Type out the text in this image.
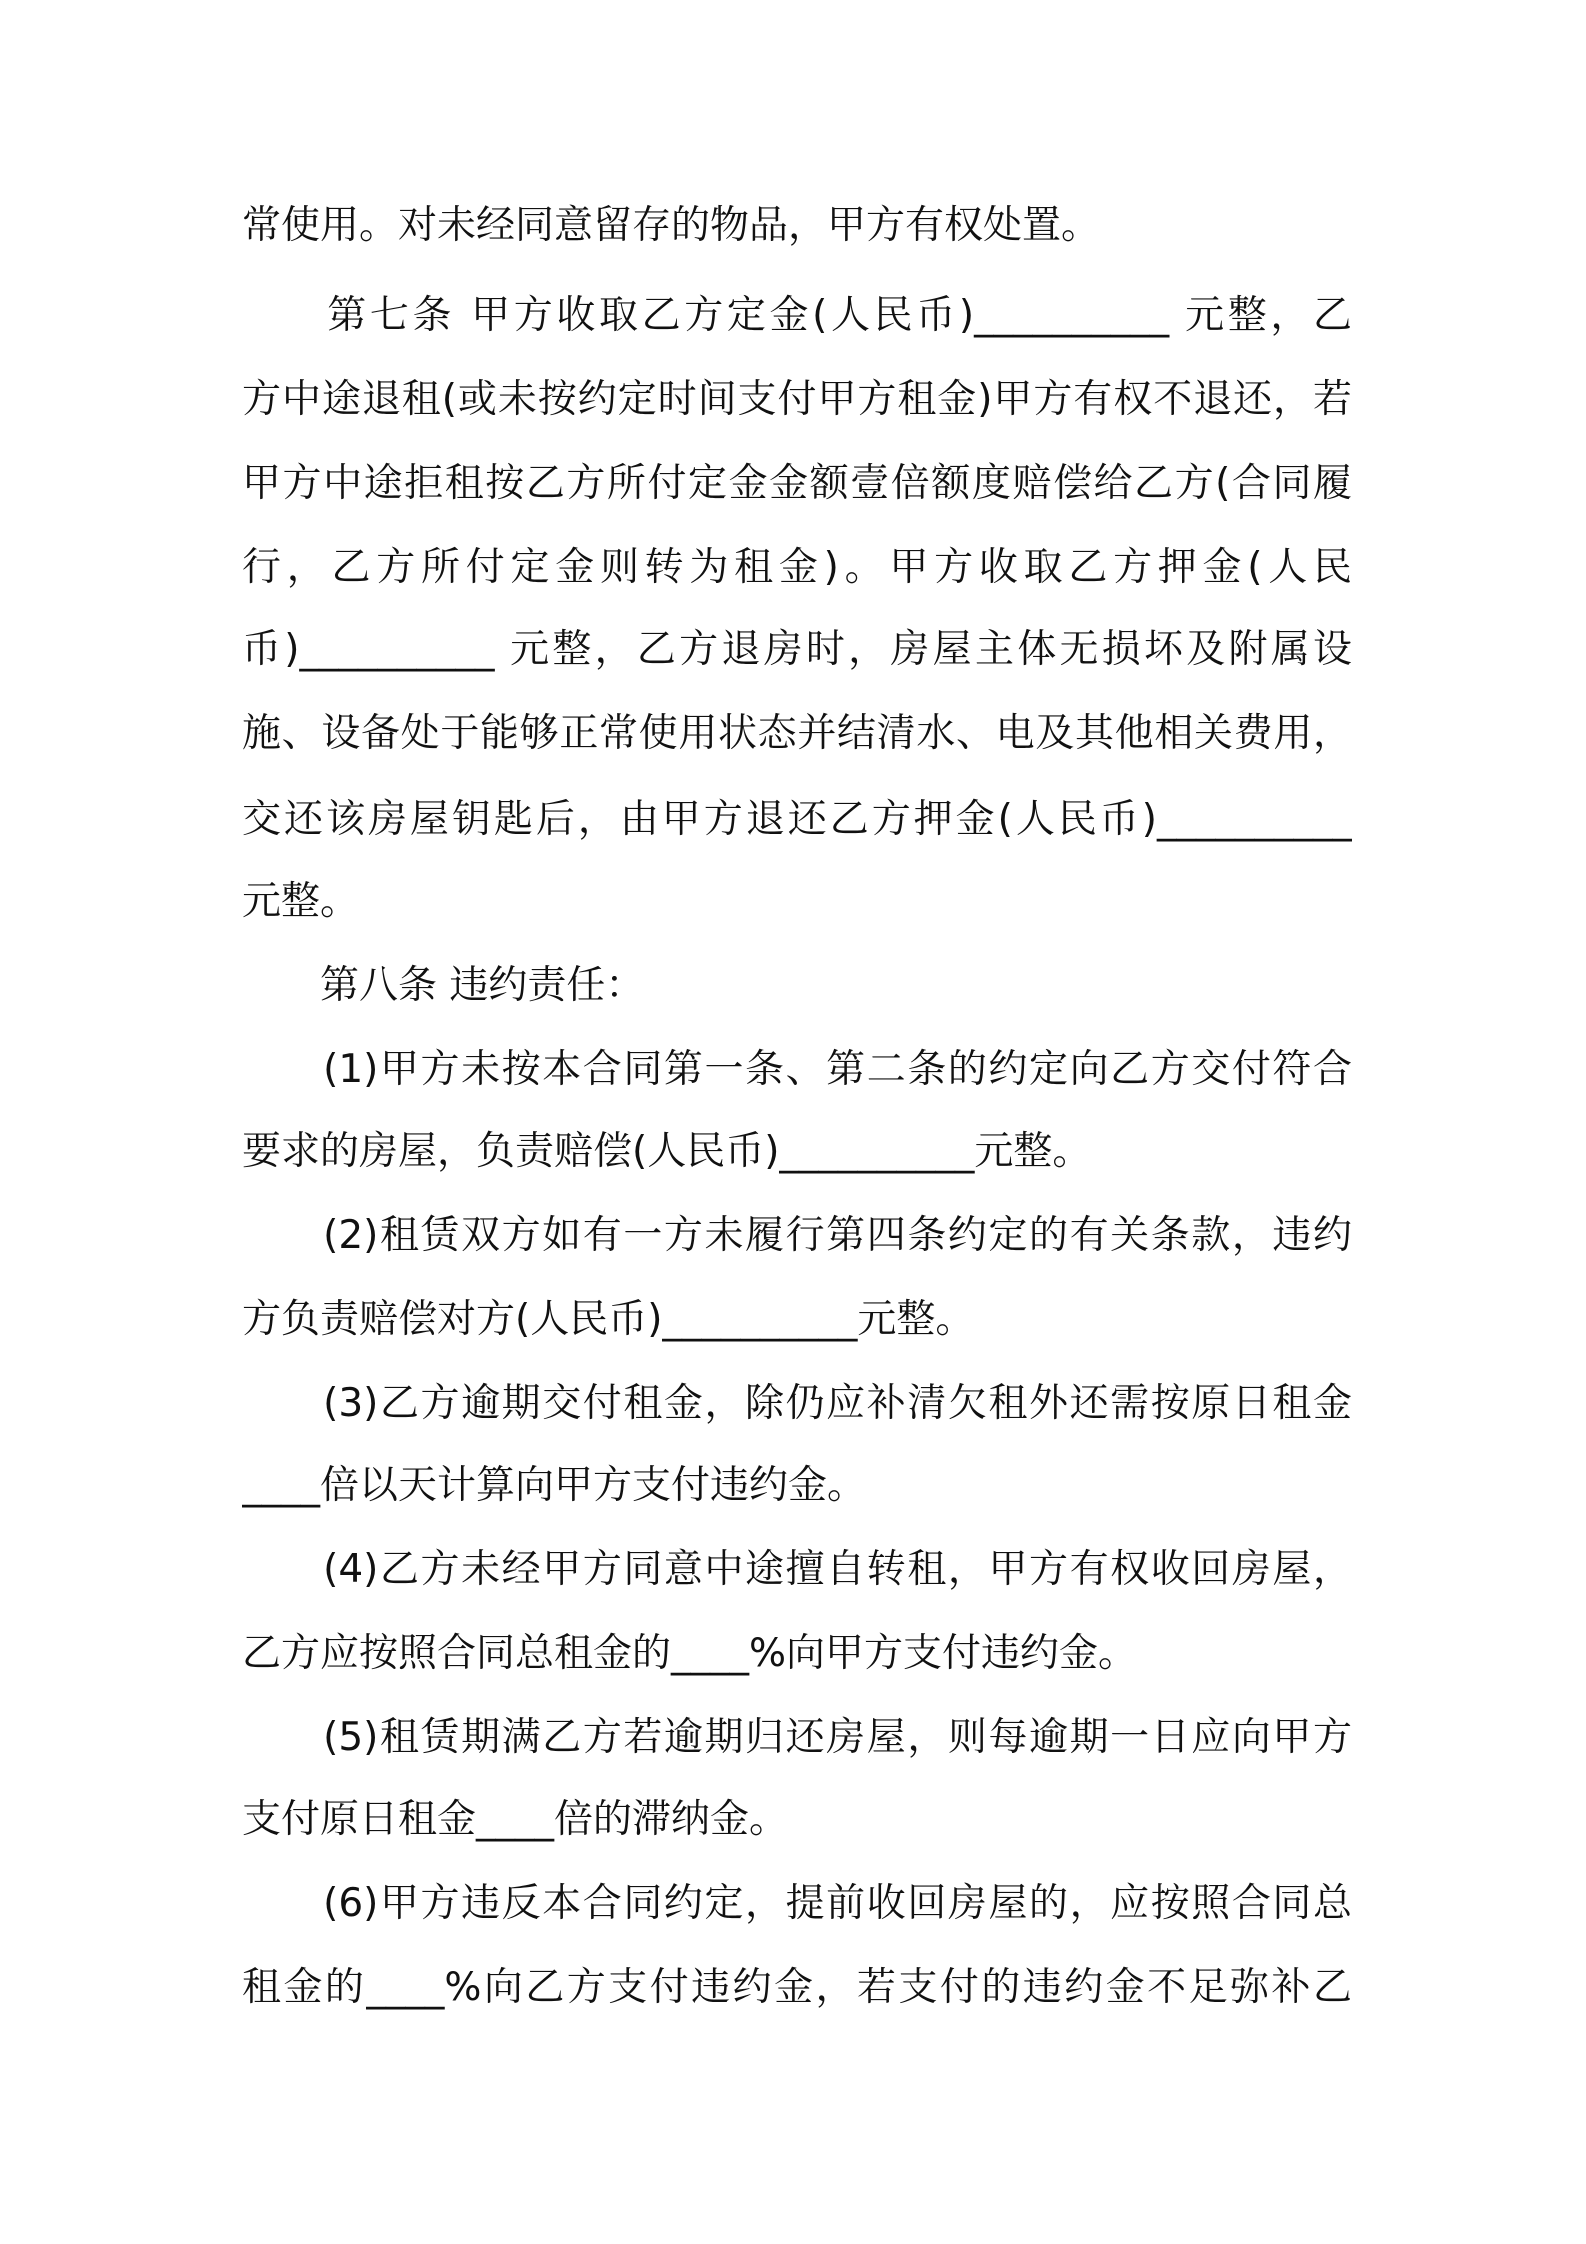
常使用。对未经同意留存的物品，甲方有权处置。
　　第七条 甲方收取乙方定金(人民币)__________ 元整，乙
方中途退租(或未按约定时间支付甲方租金)甲方有权不退还，若
甲方中途拒租按乙方所付定金金额壹倍额度赔偿给乙方(合同履
行，乙方所付定金则转为租金)。甲方收取乙方押金(人民
币)__________ 元整，乙方退房时，房屋主体无损坏及附属设
施、设备处于能够正常使用状态并结清水、电及其他相关费用，
交还该房屋钥匙后，由甲方退还乙方押金(人民币)__________
元整。
　　第八条 违约责任：
　　(1)甲方未按本合同第一条、第二条的约定向乙方交付符合
要求的房屋，负责赔偿(人民币)__________元整。
　　(2)租赁双方如有一方未履行第四条约定的有关条款，违约
方负责赔偿对方(人民币)__________元整。
　　(3)乙方逾期交付租金，除仍应补清欠租外还需按原日租金
____倍以天计算向甲方支付违约金。
　　(4)乙方未经甲方同意中途擅自转租，甲方有权收回房屋，
乙方应按照合同总租金的____%向甲方支付违约金。
　　(5)租赁期满乙方若逾期归还房屋，则每逾期一日应向甲方
支付原日租金____倍的滞纳金。
　　(6)甲方违反本合同约定，提前收回房屋的，应按照合同总
租金的____%向乙方支付违约金，若支付的违约金不足弥补乙
